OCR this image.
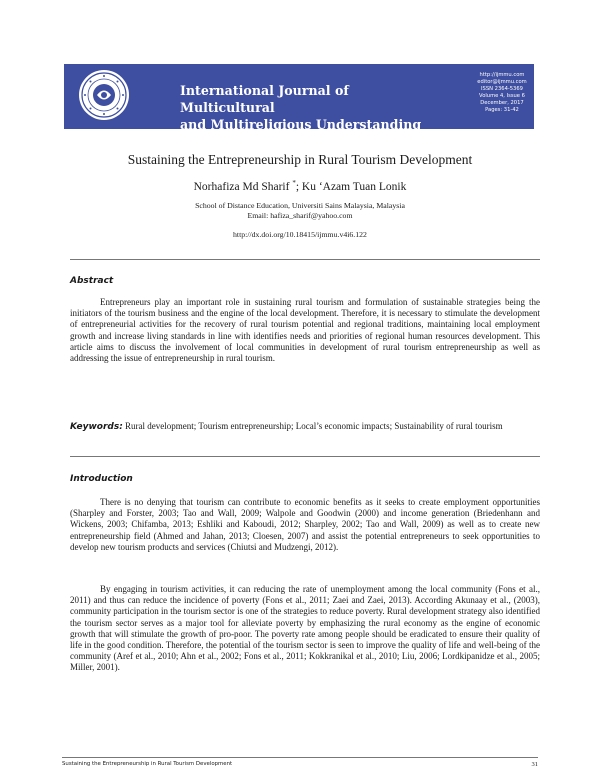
International Journal of Multicultural
and Multireligious Understanding
http://ijmmu.com
editor@ijmmu.com
ISSN 2364-5369
Volume 4, Issue 6
December, 2017
Pages: 31-42
Sustaining the Entrepreneurship in Rural Tourism Development
Norhafiza Md Sharif *; Ku ‘Azam Tuan Lonik
School of Distance Education, Universiti Sains Malaysia, Malaysia
Email: hafiza_sharif@yahoo.com
http://dx.doi.org/10.18415/ijmmu.v4i6.122
Abstract

Entrepreneurs play an important role in sustaining rural tourism and formulation of sustainable strategies being the initiators of the tourism business and the engine of the local development. Therefore, it is necessary to stimulate the development of entrepreneurial activities for the recovery of rural tourism potential and regional traditions, maintaining local employment growth and increase living standards in line with identifies needs and priorities of regional human resources development. This article aims to discuss the involvement of local communities in development of rural tourism entrepreneurship as well as addressing the issue of entrepreneurship in rural tourism.

Keywords: Rural development; Tourism entrepreneurship; Local’s economic impacts; Sustainability of rural tourism

Introduction

There is no denying that tourism can contribute to economic benefits as it seeks to create employment opportunities (Sharpley and Forster, 2003; Tao and Wall, 2009; Walpole and Goodwin (2000) and income generation (Briedenhann and Wickens, 2003; Chifamba, 2013; Eshliki and Kaboudi, 2012; Sharpley, 2002; Tao and Wall, 2009) as well as to create new entrepreneurship field (Ahmed and Jahan, 2013; Cloesen, 2007) and assist the potential entrepreneurs to seek opportunities to develop new tourism products and services (Chiutsi and Mudzengi, 2012).

By engaging in tourism activities, it can reducing the rate of unemployment among the local community (Fons et al., 2011) and thus can reduce the incidence of poverty (Fons et al., 2011; Zaei and Zaei, 2013). According Akunaay et al., (2003), community participation in the tourism sector is one of the strategies to reduce poverty. Rural development strategy also identified the tourism sector serves as a major tool for alleviate poverty by emphasizing the rural economy as the engine of economic growth that will stimulate the growth of pro-poor. The poverty rate among people should be eradicated to ensure their quality of life in the good condition. Therefore, the potential of the tourism sector is seen to improve the quality of life and well-being of the community (Aref et al., 2010; Ahn et al., 2002; Fons et al., 2011; Kokkranikal et al., 2010; Liu, 2006; Lordkipanidze et al., 2005; Miller, 2001).

Sustaining the Entrepreneurship in Rural Tourism Development	31
